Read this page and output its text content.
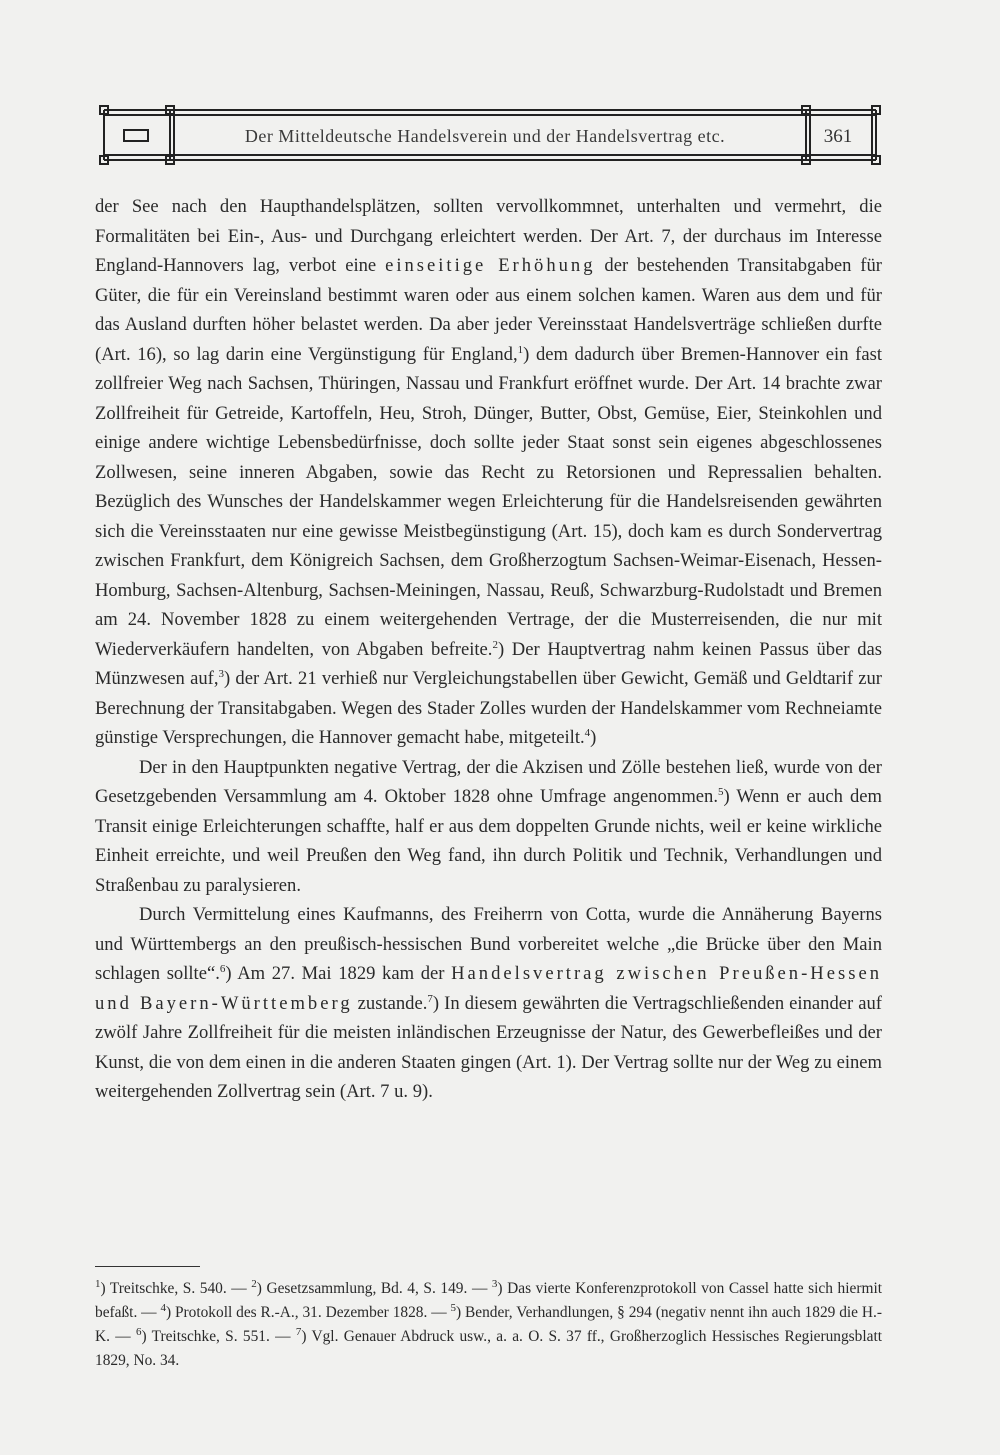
Der Mitteldeutsche Handelsverein und der Handelsvertrag etc.	361

der See nach den Haupthandelsplätzen, sollten vervollkommnet, unterhalten und vermehrt, die Formalitäten bei Ein-, Aus- und Durchgang erleichtert werden. Der Art. 7, der durchaus im Interesse England-Hannovers lag, verbot eine einseitige Erhöhung der bestehenden Transitabgaben für Güter, die für ein Vereinsland bestimmt waren oder aus einem solchen kamen. Waren aus dem und für das Ausland durften höher belastet werden. Da aber jeder Vereinsstaat Handelsverträge schließen durfte (Art. 16), so lag darin eine Vergünstigung für England,$^1$) dem dadurch über Bremen-Hannover ein fast zollfreier Weg nach Sachsen, Thüringen, Nassau und Frankfurt eröffnet wurde. Der Art. 14 brachte zwar Zollfreiheit für Getreide, Kartoffeln, Heu, Stroh, Dünger, Butter, Obst, Gemüse, Eier, Steinkohlen und einige andere wichtige Lebensbedürfnisse, doch sollte jeder Staat sonst sein eigenes abgeschlossenes Zollwesen, seine inneren Abgaben, sowie das Recht zu Retorsionen und Repressalien behalten. Bezüglich des Wunsches der Handelskammer wegen Erleichterung für die Handelsreisenden gewährten sich die Vereinsstaaten nur eine gewisse Meistbegünstigung (Art. 15), doch kam es durch Sondervertrag zwischen Frankfurt, dem Königreich Sachsen, dem Großherzogtum Sachsen-Weimar-Eisenach, Hessen-Homburg, Sachsen-Altenburg, Sachsen-Meiningen, Nassau, Reuß, Schwarzburg-Rudolstadt und Bremen am 24. November 1828 zu einem weitergehenden Vertrage, der die Musterreisenden, die nur mit Wiederverkäufern handelten, von Abgaben befreite.$^2$) Der Hauptvertrag nahm keinen Passus über das Münzwesen auf,$^3$) der Art. 21 verhieß nur Vergleichungstabellen über Gewicht, Gemäß und Geldtarif zur Berechnung der Transitabgaben. Wegen des Stader Zolles wurden der Handelskammer vom Rechneiamte günstige Versprechungen, die Hannover gemacht habe, mitgeteilt.$^4$)

Der in den Hauptpunkten negative Vertrag, der die Akzisen und Zölle bestehen ließ, wurde von der Gesetzgebenden Versammlung am 4. Oktober 1828 ohne Umfrage angenommen.$^5$) Wenn er auch dem Transit einige Erleichterungen schaffte, half er aus dem doppelten Grunde nichts, weil er keine wirkliche Einheit erreichte, und weil Preußen den Weg fand, ihn durch Politik und Technik, Verhandlungen und Straßenbau zu paralysieren.

Durch Vermittelung eines Kaufmanns, des Freiherrn von Cotta, wurde die Annäherung Bayerns und Württembergs an den preußisch-hessischen Bund vorbereitet welche „die Brücke über den Main schlagen sollte“.$^6$) Am 27. Mai 1829 kam der Handelsvertrag zwischen Preußen-Hessen und Bayern-Württemberg zustande.$^7$) In diesem gewährten die Vertragschließenden einander auf zwölf Jahre Zollfreiheit für die meisten inländischen Erzeugnisse der Natur, des Gewerbefleißes und der Kunst, die von dem einen in die anderen Staaten gingen (Art. 1). Der Vertrag sollte nur der Weg zu einem weitergehenden Zollvertrag sein (Art. 7 u. 9).

$^1$) Treitschke, S. 540. — $^2$) Gesetzsammlung, Bd. 4, S. 149. — $^3$) Das vierte Konferenzprotokoll von Cassel hatte sich hiermit befaßt. — $^4$) Protokoll des R.-A., 31. Dezember 1828. — $^5$) Bender, Verhandlungen, § 294 (negativ nennt ihn auch 1829 die H.-K. — $^6$) Treitschke, S. 551. — $^7$) Vgl. Genauer Abdruck usw., a. a. O. S. 37 ff., Großherzoglich Hessisches Regierungsblatt 1829, No. 34.
